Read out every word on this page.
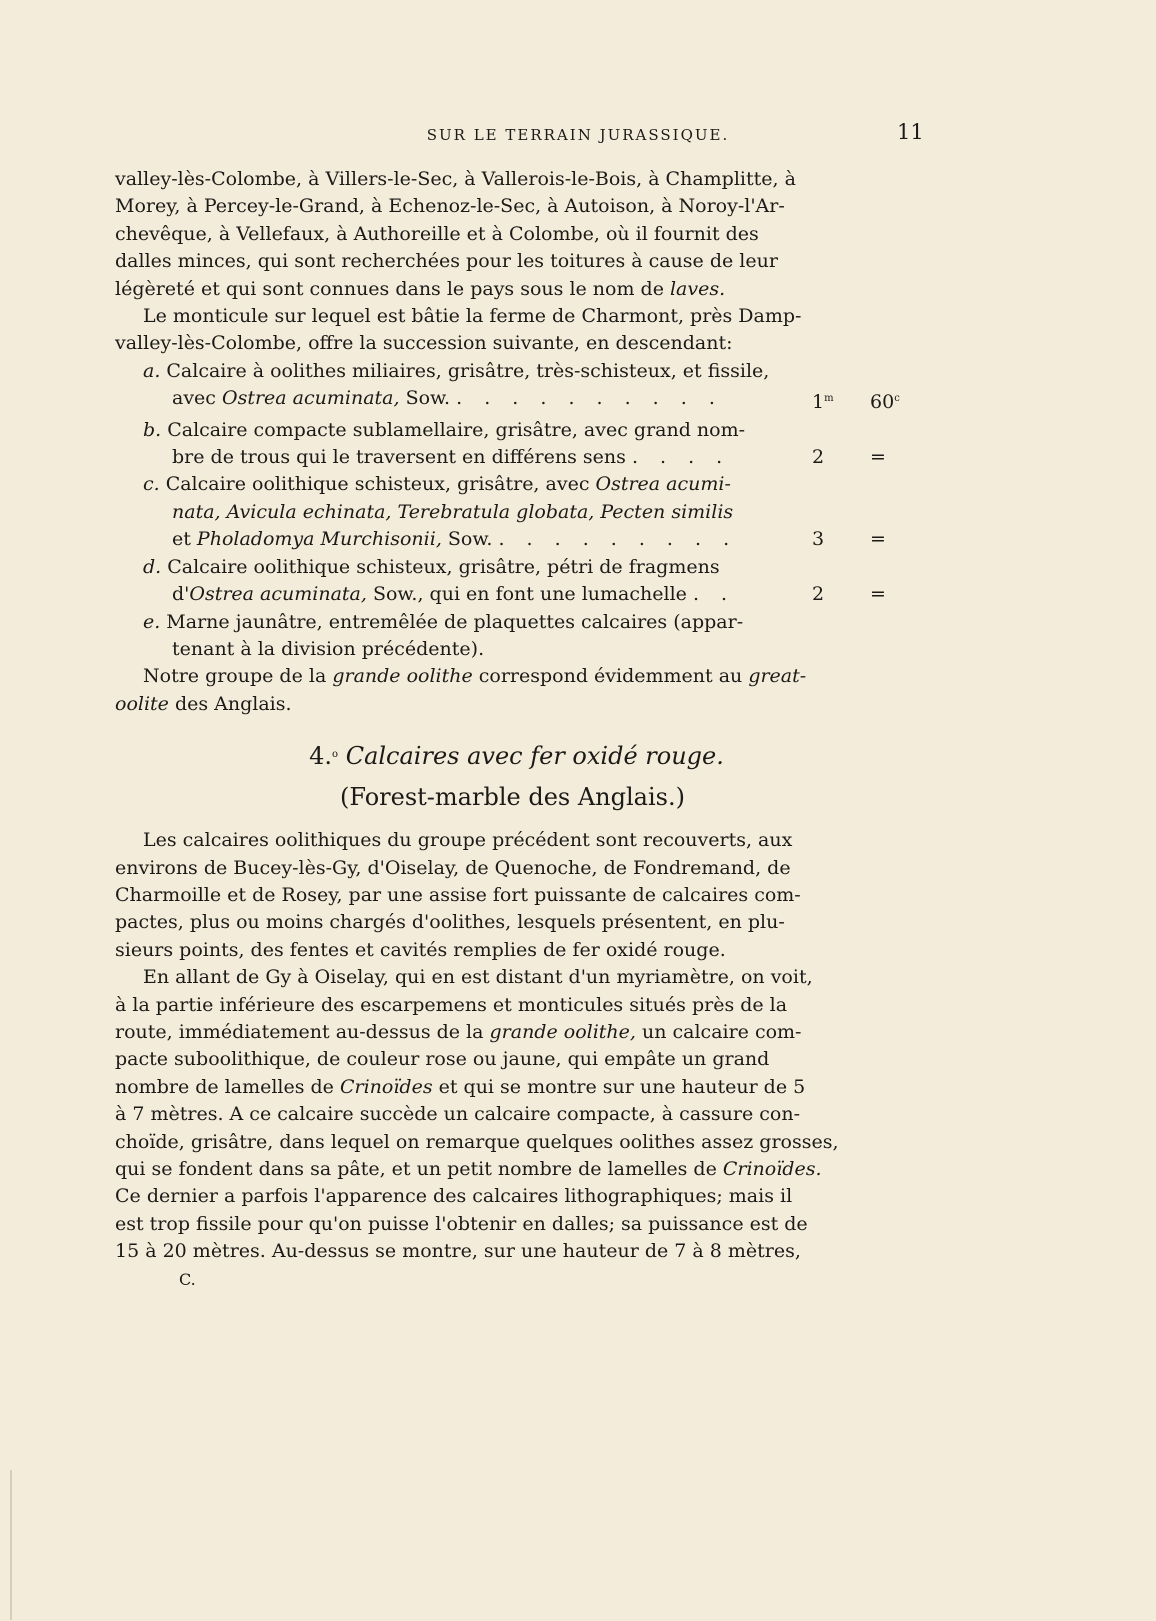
SUR LE TERRAIN JURASSIQUE.	11
valley-lès-Colombe, à Villers-le-Sec, à Vallerois-le-Bois, à Champlitte, à
Morey, à Percey-le-Grand, à Echenoz-le-Sec, à Autoison, à Noroy-l'Ar-
chevêque, à Vellefaux, à Authoreille et à Colombe, où il fournit des
dalles minces, qui sont recherchées pour les toitures à cause de leur
légèreté et qui sont connues dans le pays sous le nom de laves.
Le monticule sur lequel est bâtie la ferme de Charmont, près Damp-
valley-lès-Colombe, offre la succession suivante, en descendant:
a. Calcaire à oolithes miliaires, grisâtre, très-schisteux, et fissile,
avec Ostrea acuminata, Sow. . . . . . . . . . .	1$^m$ 60$^c$
b. Calcaire compacte sublamellaire, grisâtre, avec grand nom-
bre de trous qui le traversent en différens sens . . . .	2 =
c. Calcaire oolithique schisteux, grisâtre, avec Ostrea acumi-
nata, Avicula echinata, Terebratula globata, Pecten similis
et Pholadomya Murchisonii, Sow. . . . . . . . . .	3 =
d. Calcaire oolithique schisteux, grisâtre, pétri de fragmens
d'Ostrea acuminata, Sow., qui en font une lumachelle . .	2 =
e. Marne jaunâtre, entremêlée de plaquettes calcaires (appar-
tenant à la division précédente).
Notre groupe de la grande oolithe correspond évidemment au great-
oolite des Anglais.
4.$^o$ Calcaires avec fer oxidé rouge.
(Forest-marble des Anglais.)
Les calcaires oolithiques du groupe précédent sont recouverts, aux
environs de Bucey-lès-Gy, d'Oiselay, de Quenoche, de Fondremand, de
Charmoille et de Rosey, par une assise fort puissante de calcaires com-
pactes, plus ou moins chargés d'oolithes, lesquels présentent, en plu-
sieurs points, des fentes et cavités remplies de fer oxidé rouge.
En allant de Gy à Oiselay, qui en est distant d'un myriamètre, on voit,
à la partie inférieure des escarpemens et monticules situés près de la
route, immédiatement au-dessus de la grande oolithe, un calcaire com-
pacte suboolithique, de couleur rose ou jaune, qui empâte un grand
nombre de lamelles de Crinoïdes et qui se montre sur une hauteur de 5
à 7 mètres. A ce calcaire succède un calcaire compacte, à cassure con-
choïde, grisâtre, dans lequel on remarque quelques oolithes assez grosses,
qui se fondent dans sa pâte, et un petit nombre de lamelles de Crinoïdes.
Ce dernier a parfois l'apparence des calcaires lithographiques; mais il
est trop fissile pour qu'on puisse l'obtenir en dalles; sa puissance est de
15 à 20 mètres. Au-dessus se montre, sur une hauteur de 7 à 8 mètres,
C.
